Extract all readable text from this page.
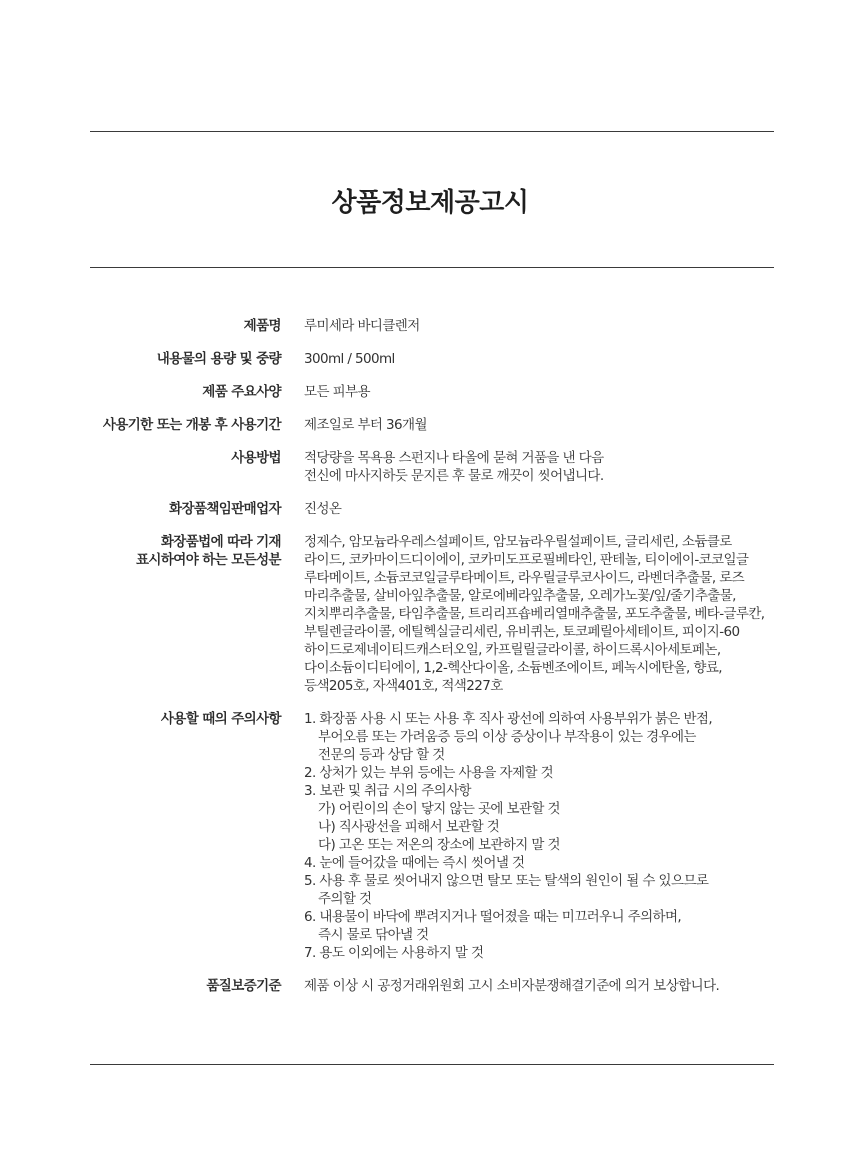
상품정보제공고시
제품명 루미세라 바디클렌저
내용물의 용량 및 중량 300ml / 500ml
제품 주요사양 모든 피부용
사용기한 또는 개봉 후 사용기간 제조일로 부터 36개월
사용방법 적당량을 목욕용 스펀지나 타올에 묻혀 거품을 낸 다음
전신에 마사지하듯 문지른 후 물로 깨끗이 씻어냅니다.
화장품책임판매업자 진성온
화장품법에 따라 기재
표시하여야 하는 모든성분
정제수, 암모늄라우레스설페이트, 암모늄라우릴설페이트, 글리세린, 소듐클로
라이드, 코카마이드디이에이, 코카미도프로필베타인, 판테놀, 티이에이-코코일글
루타메이트, 소듐코코일글루타메이트, 라우릴글루코사이드, 라벤더추출물, 로즈
마리추출물, 살비아잎추출물, 알로에베라잎추출물, 오레가노꽃/잎/줄기추출물,
지치뿌리추출물, 타임추출물, 트리리프숍베리열매추출물, 포도추출물, 베타-글루칸,
부틸렌글라이콜, 에틸헥실글리세린, 유비퀴논, 토코페릴아세테이트, 피이지-60
하이드로제네이티드캐스터오일, 카프릴릴글라이콜, 하이드록시아세토페논,
다이소듐이디티에이, 1,2-헥산다이올, 소듐벤조에이트, 페녹시에탄올, 향료,
등색205호, 자색401호, 적색227호
사용할 때의 주의사항 1. 화장품 사용 시 또는 사용 후 직사 광선에 의하여 사용부위가 붉은 반점,
부어오름 또는 가려움증 등의 이상 증상이나 부작용이 있는 경우에는
전문의 등과 상담 할 것
2. 상처가 있는 부위 등에는 사용을 자제할 것
3. 보관 및 취급 시의 주의사항
가) 어린이의 손이 닿지 않는 곳에 보관할 것
나) 직사광선을 피해서 보관할 것
다) 고온 또는 저온의 장소에 보관하지 말 것
4. 눈에 들어갔을 때에는 즉시 씻어낼 것
5. 사용 후 물로 씻어내지 않으면 탈모 또는 탈색의 원인이 될 수 있으므로
주의할 것
6. 내용물이 바닥에 뿌려지거나 떨어졌을 때는 미끄러우니 주의하며,
즉시 물로 닦아낼 것
7. 용도 이외에는 사용하지 말 것
품질보증기준 제품 이상 시 공정거래위원회 고시 소비자분쟁해결기준에 의거 보상합니다.
